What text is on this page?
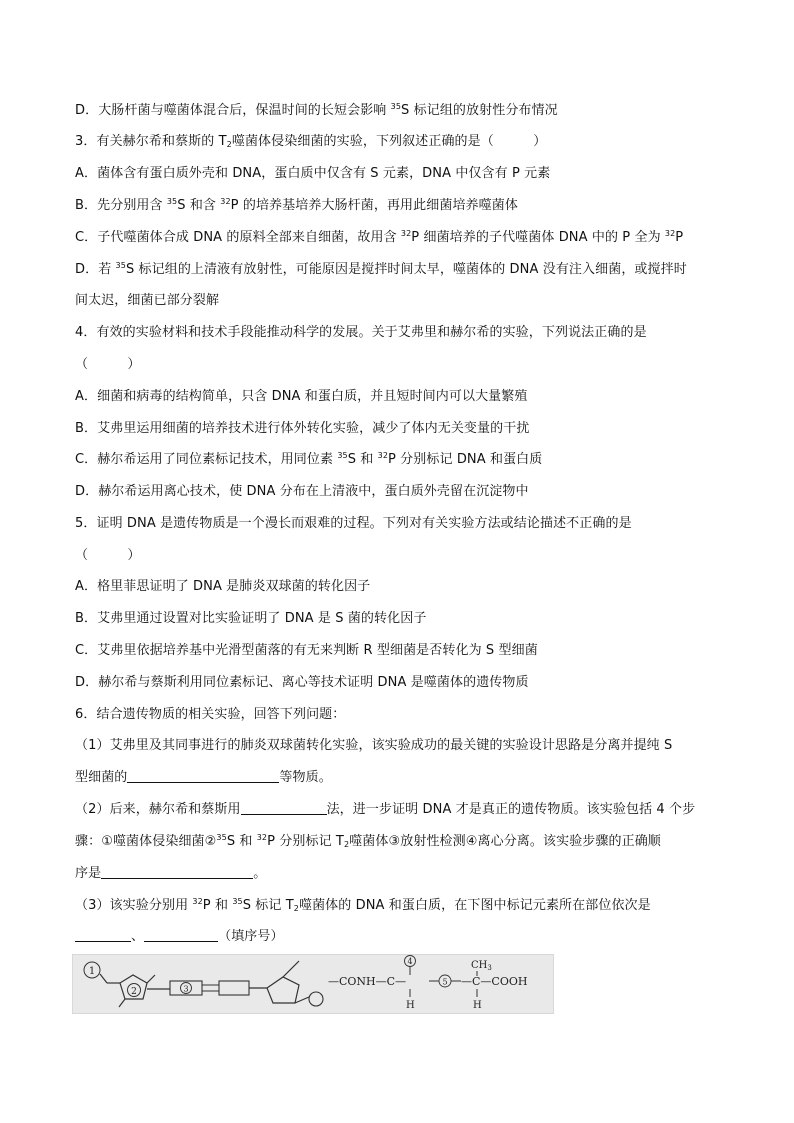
D．大肠杆菌与噬菌体混合后，保温时间的长短会影响 $^{35}$S 标记组的放射性分布情况
3．有关赫尔希和蔡斯的 $T_2$噬菌体侵染细菌的实验，下列叙述正确的是（　　　	）
A．菌体含有蛋白质外壳和 DNA，蛋白质中仅含有 S 元素，DNA 中仅含有 P 元素
B．先分别用含 $^{35}$S 和含 $^{32}$P 的培养基培养大肠杆菌，再用此细菌培养噬菌体
C．子代噬菌体合成 DNA 的原料全部来自细菌，故用含 $^{32}$P 细菌培养的子代噬菌体 DNA 中的 P 全为 $^{32}$P
D．若 $^{35}$S 标记组的上清液有放射性，可能原因是搅拌时间太早，噬菌体的 DNA 没有注入细菌，或搅拌时
间太迟，细菌已部分裂解
4．有效的实验材料和技术手段能推动科学的发展。关于艾弗里和赫尔希的实验，下列说法正确的是
（　　　）
A．细菌和病毒的结构简单，只含 DNA 和蛋白质，并且短时间内可以大量繁殖
B．艾弗里运用细菌的培养技术进行体外转化实验，减少了体内无关变量的干扰
C．赫尔希运用了同位素标记技术，用同位素 $^{35}$S 和 $^{32}$P 分别标记 DNA 和蛋白质
D．赫尔希运用离心技术，使 DNA 分布在上清液中，蛋白质外壳留在沉淀物中
5．证明 DNA 是遗传物质是一个漫长而艰难的过程。下列对有关实验方法或结论描述不正确的是
（　　　）
A．格里菲思证明了 DNA 是肺炎双球菌的转化因子
B．艾弗里通过设置对比实验证明了 DNA 是 S 菌的转化因子
C．艾弗里依据培养基中光滑型菌落的有无来判断 R 型细菌是否转化为 S 型细菌
D．赫尔希与蔡斯利用同位素标记、离心等技术证明 DNA 是噬菌体的遗传物质
6．结合遗传物质的相关实验，回答下列问题：
（1）艾弗里及其同事进行的肺炎双球菌转化实验，该实验成功的最关键的实验设计思路是分离并提纯 S
型细菌的	等物质。
（2）后来，赫尔希和蔡斯用	法，进一步证明 DNA 才是真正的遗传物质。该实验包括 4 个步
骤：①噬菌体侵染细菌②$^{35}$S 和 $^{32}$P 分别标记 $T_2$噬菌体③放射性检测④离心分离。该实验步骤的正确顺
序是	。
（3）该实验分别用 $^{32}$P 和 $^{35}$S 标记 $T_2$噬菌体的 DNA 和蛋白质，在下图中标记元素所在部位依次是
、	（填序号）
1
2	3
—CONH—C—
4
H
5
$CH_3$
—C—COOH
H
